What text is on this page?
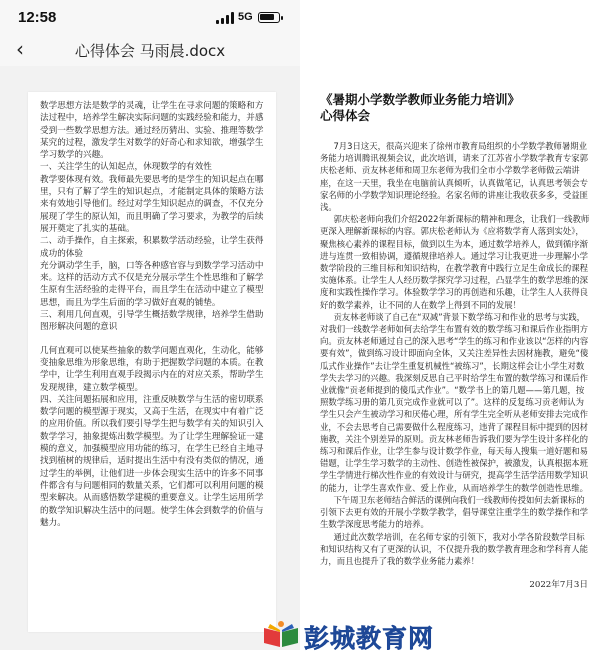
12:58	5G
‹	心得体会 马雨晨.docx
数学思想方法是数学的灵魂，让学生在寻求问题的策略和方法过程中，培养学生解决实际问题的实践经验和能力，并感受到一些数学思想方法。通过经历猜出、实验、推理等数学某究的过程，激发学生对数学的好奇心和求知欲，增强学生学习数学的兴趣。
一、关注学生的认知起点，休现数学的有效性
教学要体现有效。我师最先要思考的是学生的知识起点在哪里，只有了解了学生的知识起点，才能制定具体的策略方法来有效地引导他们。经过对学生知识起点的调查，不仅充分展现了学生的原认知，而且明确了学习要求，为教学的后续展开奠定了扎实的基础。
二、动手操作，自主探索，积累数学活动经验，让学生获得成功的体验
充分调动学生手，脑，口等各种感官容与到数学学习活动中来。这样的活动方式不仅是充分展示学生个性思维和了解学生原有生活经验的走得平台，而且学生在活动中建立了模型思想，而且为学生后面的学习做好直观的铺垫。
三、利用几何直观，引导学生概括数学规律，培养学生借助图形解决问题的意识
几何直观可以使某些抽象的数学问题直观化，生动化，能够变抽象思维为形象思维，有助于把握数学问题的本质。在教学中，让学生利用直观手段揭示内在的对应关系，帮助学生发现规律，建立数学模型。
四、关注问题拓展和应用，注重反映数学与生活的密切联系
数学问题的模型源于现实，又高于生活，在现实中有着广泛的应用价值。所以我们要引导学生把与数学有关的知识引入数学学习，抽象提炼出数学模型。为了让学生理解验证一建模的意义，加强模型应用功能的练习，在学生已经自主地寻找到植树的规律后，适时提出生活中有没有类似的情况，通过学生的举例，让他们进一步体会现实生活中的许多不同事件都含有与问题相同的数量关系，它们都可以利用问题的模型来解决。从而感悟数学建模的重要意义。让学生运用所学的数学知识解决生活中的问题。使学生体会到数学的价值与魅力。
《暑期小学数学教师业务能力培训》
心得体会

7月3日这天，很高兴迎来了徐州市教育局组织的小学数学教师暑期业务能力培训腾讯视频会议，此次培训，请来了江苏省小学数学教育专家郭庆松老师、贡友林老师和周卫东老师为我们全市小学数学老师做云端讲座，在这一天里，我坐在电脑前认真倾听，认真做笔记，认真思考领会专家名师的小学数学知识理论经验。名家名师的讲座让我收获多多，受益匪浅。

郭庆松老师向我们介绍2022年新课标的精神和理念，让我们一线教师更深入理解新课标的内容。郭庆松老师认为《应将数学育人落到实处》，聚焦核心素养的课程目标，做到以生为本，通过数学培养人，做到循序渐进与连贯一致相协调，遵循规律培养人。通过学习让我更进一步理解小学数学阶段的三维目标和知识结构，在教学教育中践行立足生命成长的课程实施体系。让学生人人经历数学探究学习过程，凸显学生的数学思维的深度和实践性操作学习。体验数学学习的再创造和乐趣，让学生人人获得良好的数学素养，让不同的人在数学上得到不同的发展！

贡友林老师谈了自己在“双减”背景下数学练习和作业的思考与实践，对我们一线数学老师如何去给学生布置有效的数学练习和课后作业指明方向。贡友林老师通过自己的深入思考“学生的练习和作业该以“怎样的内容要有效”，做到练习设计即面向全体，又关注差异性去因材施教，避免“傻瓜式作业操作”去让学生重复机械性“被练习”，长期这样会让小学生对数学失去学习的兴趣。我深刻反思自己平时给学生布置的数学练习和课后作业就像“贡老师提到的傻瓜式作业”。“数学书上的第几题——第几题，按照数学练习册的第几页完成作业就可以了”。这样的反复练习贡老师认为学生只会产生被动学习和厌倦心理，所有学生完全听从老师安排去完成作业，不会去思考自己需要做什么程度练习，违背了课程目标中提到的因材施教，关注个别差异的原则。贡友林老师告诉我们要为学生设计多样化的练习和课后作业，让学生参与设计数学作业，每天每人搜集一道好题和易错题，让学生学习数学的主动性、创造性被保护，被激发，认真根据本班学生学情进行梯次性作业的有效设计与研究，提高学生活学活用数学知识的能力，让学生喜欢作业、爱上作业，从而培养学生的数学创造性思维。

下午周卫东老师结合鲜活的课例向我们一线教师传授如何去新课标的引领下去更有效的开展小学数学教学，倡导课堂注重学生的数学操作和学生数学深度思考能力的培养。

通过此次数学培训，在名师专家的引领下，我对小学各阶段数学目标和知识结构又有了更深的认识，不仅提升我的数学教育理念和学科育人能力，而且也提升了我的数学业务能力素养！

2022年7月3日
彭城教育网
